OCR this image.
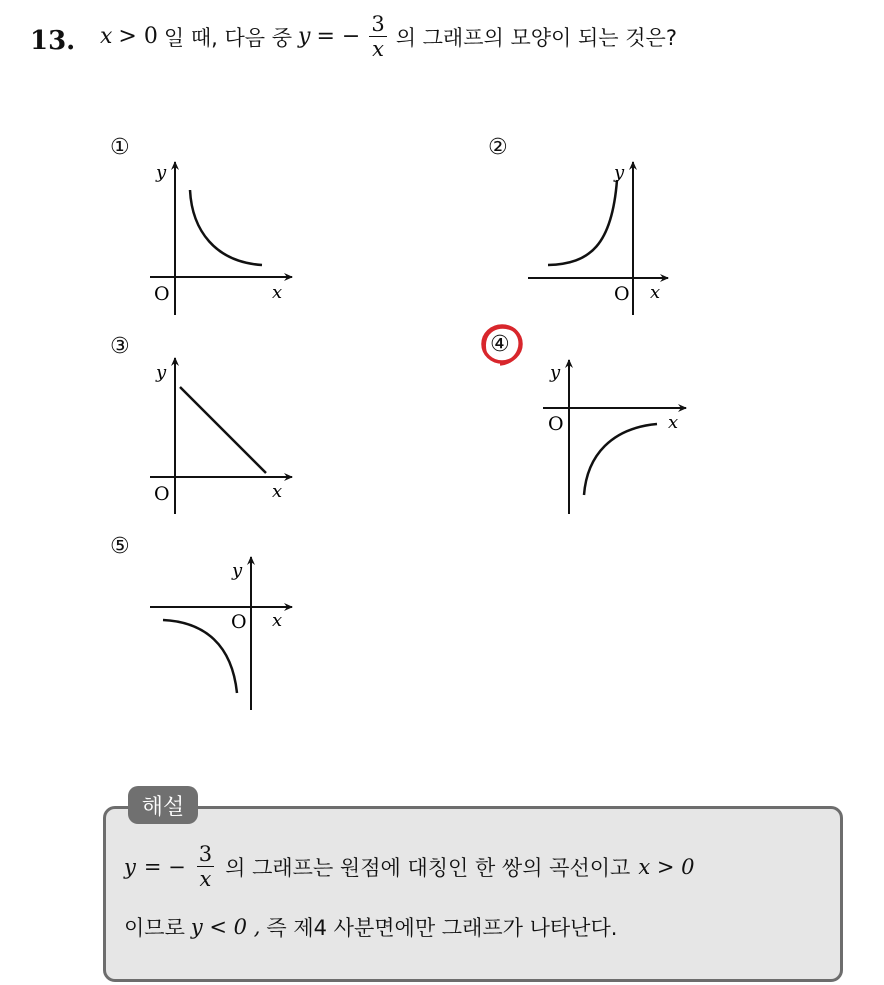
13. x > 0 일 때, 다음 중 y = − $\frac{3}{x}$ 의 그래프의 모양이 되는 것은?
①
y
x
O
y
x
O
y
x
O
y
x
O
y
x
O
②
③	④
⑤
해설
y = − $\frac{3}{x}$ 의 그래프는 원점에 대칭인 한 쌍의 곡선이고 x > 0
이므로 y < 0 , 즉 제4 사분면에만 그래프가 나타난다.
